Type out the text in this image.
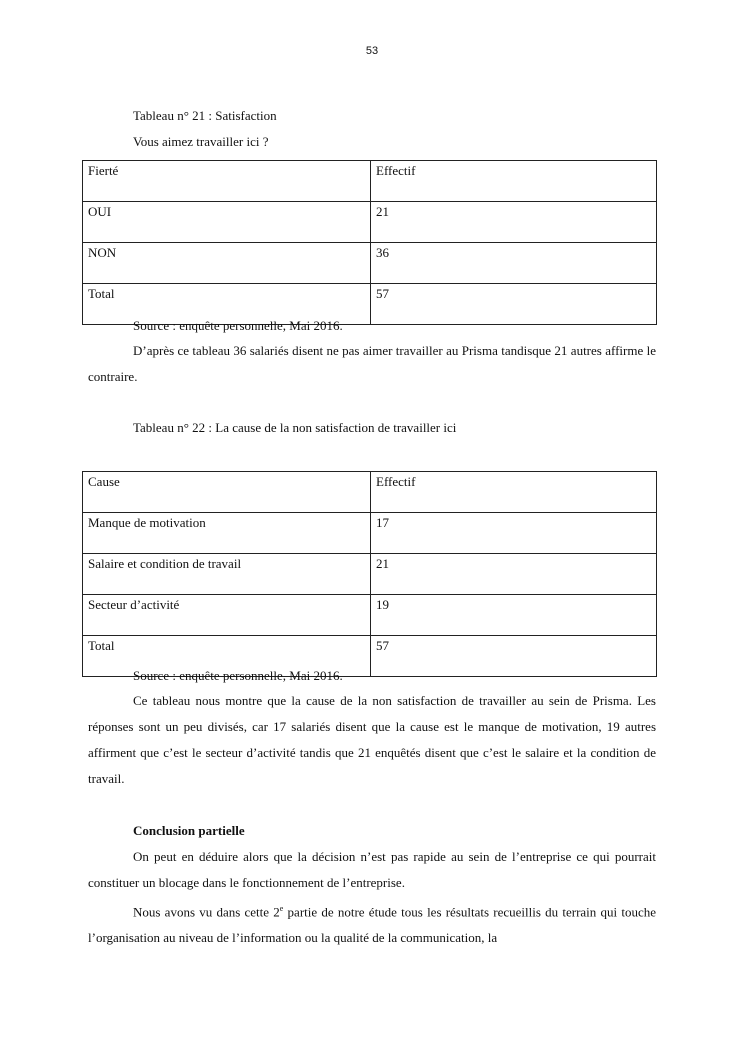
53
Tableau n° 21 : Satisfaction
Vous aimez travailler ici ?
Fierté	Effectif
OUI	21
NON	36
Total	57
Source : enquête personnelle, Mai 2016.

D’après ce tableau 36 salariés disent ne pas aimer travailler au Prisma tandisque 21 autres affirme le contraire.

Tableau n° 22 : La cause de la non satisfaction de travailler ici
Cause	Effectif
Manque de motivation	17
Salaire et condition de travail	21
Secteur d’activité	19
Total	57
Source : enquête personnelle, Mai 2016.

Ce tableau nous montre que la cause de la non satisfaction de travailler au sein de Prisma. Les réponses sont un peu divisés, car 17 salariés disent que la cause est le manque de motivation, 19 autres affirment que c’est le secteur d’activité tandis que 21 enquêtés disent que c’est le salaire et la condition de travail.

Conclusion partielle

On peut en déduire alors que la décision n’est pas rapide au sein de l’entreprise ce qui pourrait constituer un blocage dans le fonctionnement de l’entreprise.

Nous avons vu dans cette 2e partie de notre étude tous les résultats recueillis du terrain qui touche l’organisation au niveau de l’information ou la qualité de la communication, la
